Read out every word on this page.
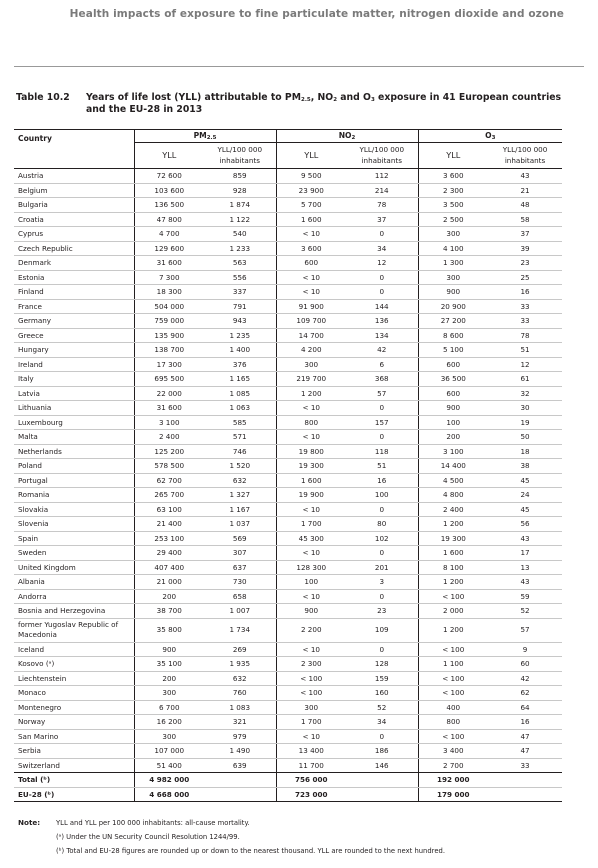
Health impacts of exposure to fine particulate matter, nitrogen dioxide and ozone
Table 10.2 Years of life lost (YLL) attributable to $PM_{2.5}$, $NO_2$ and $O_3$ exposure in 41 European countries and the EU-28 in 2013
Country	$PM_{2.5}$		$NO_2$		$O_3$
	YLL	YLL/100 000 inhabitants	YLL	YLL/100 000 inhabitants	YLL	YLL/100 000 inhabitants
Austria	72 600	859	9 500	112	3 600	43
Belgium	103 600	928	23 900	214	2 300	21
Bulgaria	136 500	1 874	5 700	78	3 500	48
Croatia	47 800	1 122	1 600	37	2 500	58
Cyprus	4 700	540	< 10	0	300	37
Czech Republic	129 600	1 233	3 600	34	4 100	39
Denmark	31 600	563	600	12	1 300	23
Estonia	7 300	556	< 10	0	300	25
Finland	18 300	337	< 10	0	900	16
France	504 000	791	91 900	144	20 900	33
Germany	759 000	943	109 700	136	27 200	33
Greece	135 900	1 235	14 700	134	8 600	78
Hungary	138 700	1 400	4 200	42	5 100	51
Ireland	17 300	376	300	6	600	12
Italy	695 500	1 165	219 700	368	36 500	61
Latvia	22 000	1 085	1 200	57	600	32
Lithuania	31 600	1 063	< 10	0	900	30
Luxembourg	3 100	585	800	157	100	19
Malta	2 400	571	< 10	0	200	50
Netherlands	125 200	746	19 800	118	3 100	18
Poland	578 500	1 520	19 300	51	14 400	38
Portugal	62 700	632	1 600	16	4 500	45
Romania	265 700	1 327	19 900	100	4 800	24
Slovakia	63 100	1 167	< 10	0	2 400	45
Slovenia	21 400	1 037	1 700	80	1 200	56
Spain	253 100	569	45 300	102	19 300	43
Sweden	29 400	307	< 10	0	1 600	17
United Kingdom	407 400	637	128 300	201	8 100	13
Albania	21 000	730	100	3	1 200	43
Andorra	200	658	< 10	0	< 100	59
Bosnia and Herzegovina	38 700	1 007	900	23	2 000	52
former Yugoslav Republic of Macedonia	35 800	1 734	2 200	109	1 200	57
Iceland	900	269	< 10	0	< 100	9
Kosovo (ᵃ)	35 100	1 935	2 300	128	1 100	60
Liechtenstein	200	632	< 100	159	< 100	42
Monaco	300	760	< 100	160	< 100	62
Montenegro	6 700	1 083	300	52	400	64
Norway	16 200	321	1 700	34	800	16
San Marino	300	979	< 10	0	< 100	47
Serbia	107 000	1 490	13 400	186	3 400	47
Switzerland	51 400	639	11 700	146	2 700	33
Total (ᵇ)	4 982 000		756 000		192 000	
EU-28 (ᵇ)	4 668 000		723 000		179 000	
Note: YLL and YLL per 100 000 inhabitants: all-cause mortality.
(ᵃ) Under the UN Security Council Resolution 1244/99.
(ᵇ) Total and EU-28 figures are rounded up or down to the nearest thousand. YLL are rounded to the next hundred.
